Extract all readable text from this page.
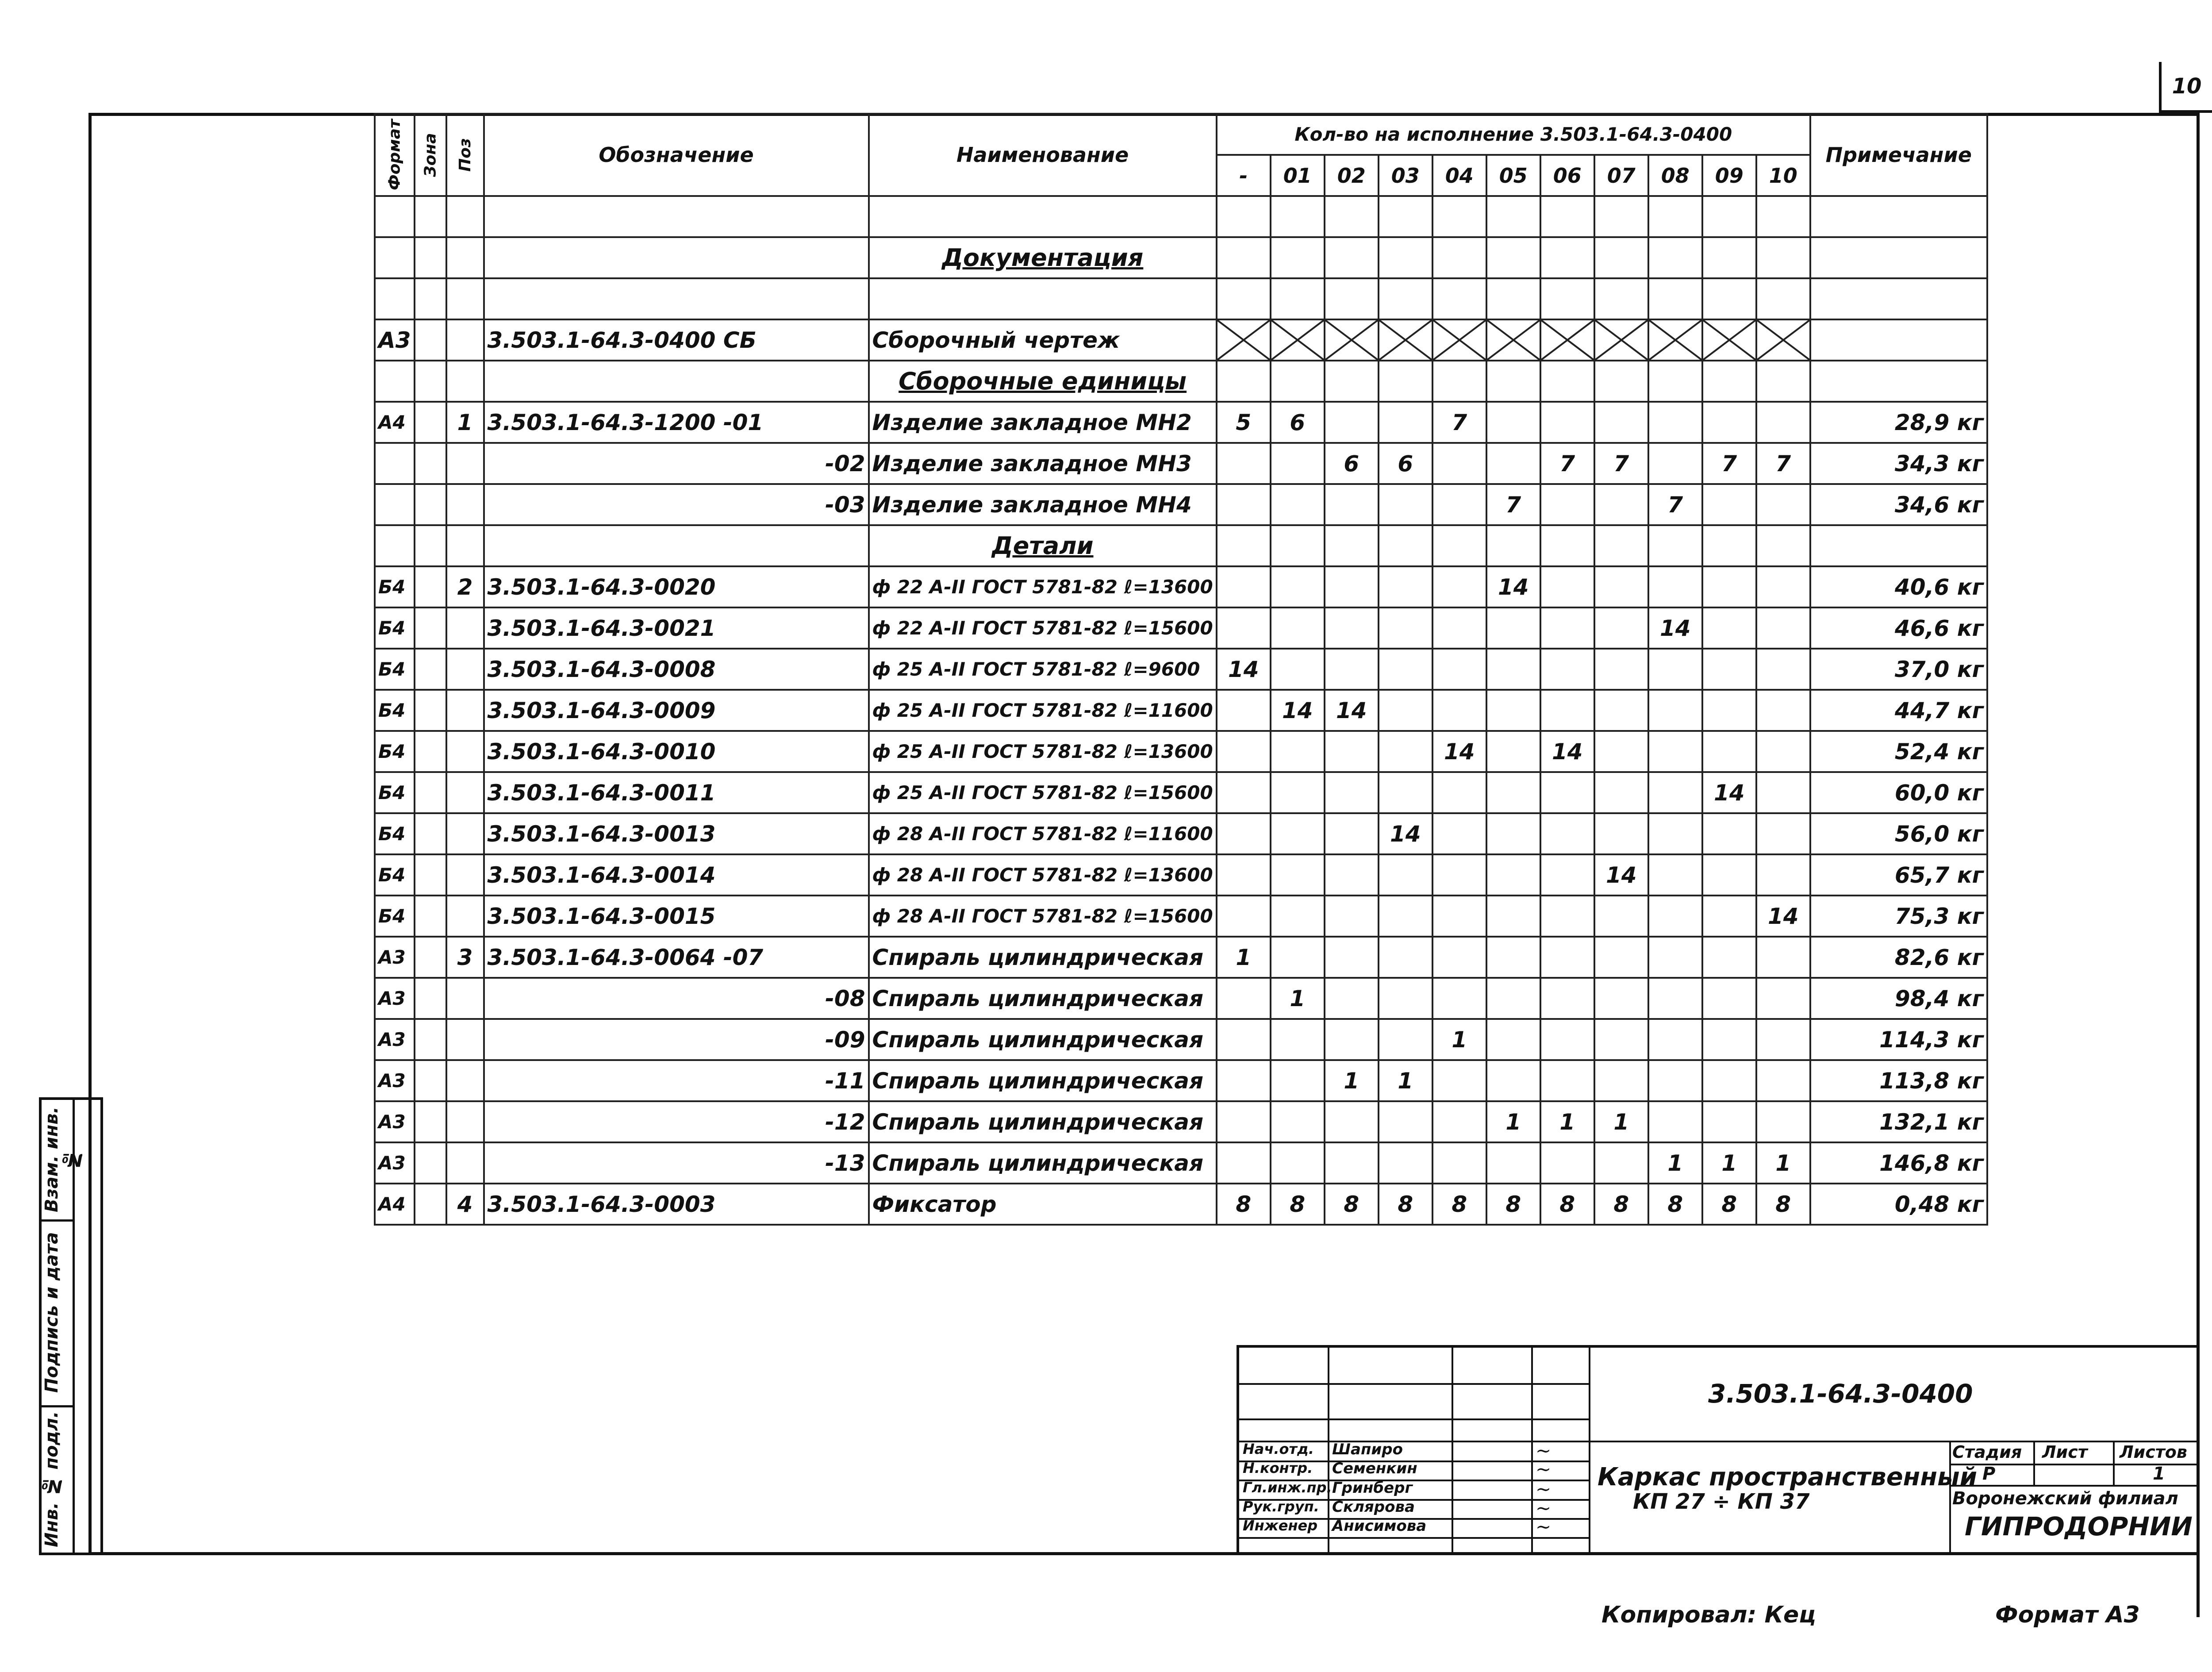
10
Формат	Зона	Поз	Обозначение	Наименование	Кол-во на исполнение 3.503.1-64.3-0400											Примечание
					-	01	02	03	04	05	06	07	08	09	10	

				Документация												

А3			3.503.1-64.3-0400 СБ	Сборочный чертеж	

				Сборочные единицы												
А4		1	3.503.1-64.3-1200 -01	Изделие закладное МН2	5	6			7							28,9 кг
			-02	Изделие закладное МН3			6	6			7	7		7	7	34,3 кг
			-03	Изделие закладное МН4						7			7			34,6 кг
				Детали												
Б4		2	3.503.1-64.3-0020	ф 22 А-II ГОСТ 5781-82 ℓ=13600						14						40,6 кг
Б4			3.503.1-64.3-0021	ф 22 А-II ГОСТ 5781-82 ℓ=15600									14			46,6 кг
Б4			3.503.1-64.3-0008	ф 25 А-II ГОСТ 5781-82 ℓ=9600	14											37,0 кг
Б4			3.503.1-64.3-0009	ф 25 А-II ГОСТ 5781-82 ℓ=11600		14	14									44,7 кг
Б4			3.503.1-64.3-0010	ф 25 А-II ГОСТ 5781-82 ℓ=13600					14		14					52,4 кг
Б4			3.503.1-64.3-0011	ф 25 А-II ГОСТ 5781-82 ℓ=15600										14		60,0 кг
Б4			3.503.1-64.3-0013	ф 28 А-II ГОСТ 5781-82 ℓ=11600				14								56,0 кг
Б4			3.503.1-64.3-0014	ф 28 А-II ГОСТ 5781-82 ℓ=13600								14				65,7 кг
Б4			3.503.1-64.3-0015	ф 28 А-II ГОСТ 5781-82 ℓ=15600											14	75,3 кг
А3		3	3.503.1-64.3-0064 -07	Спираль цилиндрическая	1											82,6 кг
А3			-08	Спираль цилиндрическая		1										98,4 кг
А3			-09	Спираль цилиндрическая					1							114,3 кг
А3			-11	Спираль цилиндрическая			1	1								113,8 кг
А3			-12	Спираль цилиндрическая						1	1	1				132,1 кг
А3			-13	Спираль цилиндрическая									1	1	1	146,8 кг
А4		4	3.503.1-64.3-0003	Фиксатор	8	8	8	8	8	8	8	8	8	8	8	0,48 кг
Взам. инв. №
Подпись и дата
Инв. № подл.
3.503.1-64.3-0400
Каркас пространственный
КП 27 ÷ КП 37
Стадия Лист Листов
Р	1
Воронежский филиал
ГИПРОДОРНИИ
Нач.отд. Шапиро
Н.контр. Семенкин
Гл.инж.пр. Гринберг
Рук.груп. Склярова
Инженер Анисимова
~
~
~
~
~
Копировал: Кец	Формат А3
